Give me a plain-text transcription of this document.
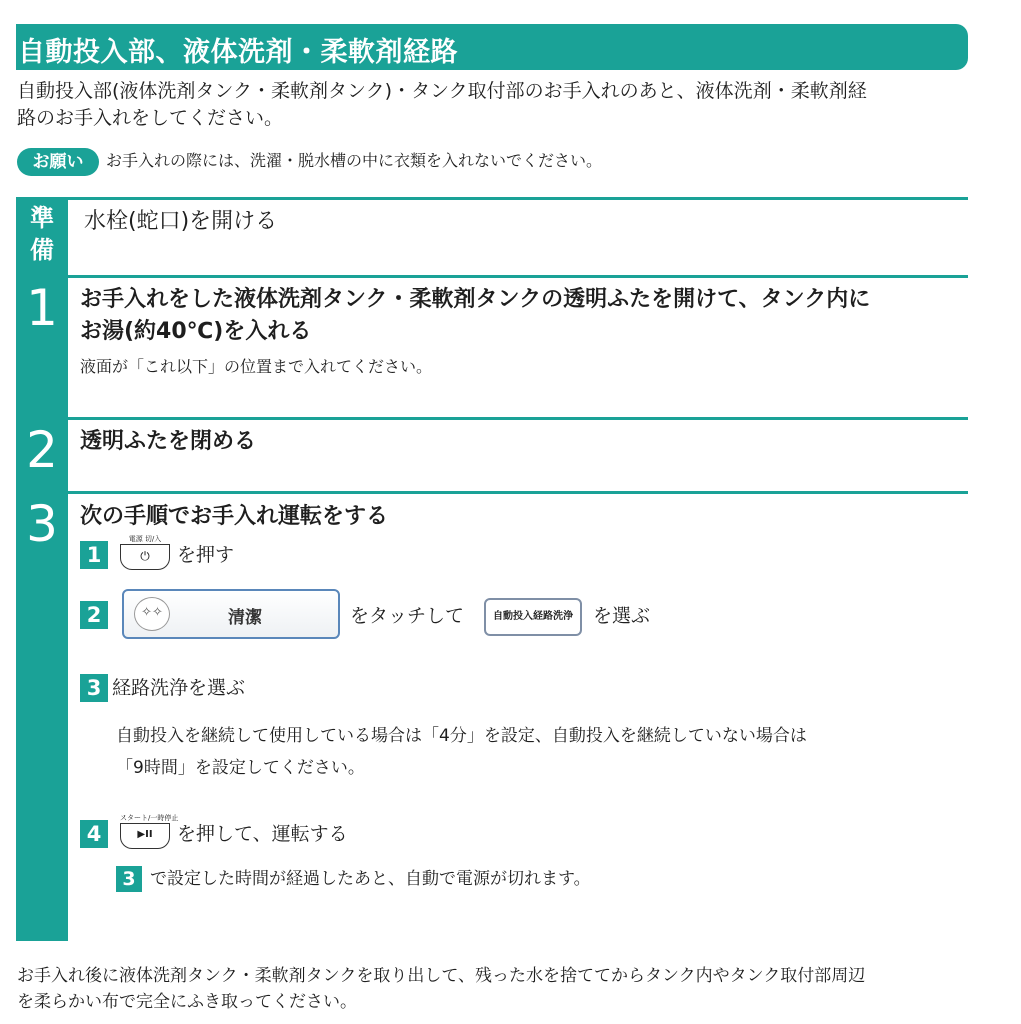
自動投入部、液体洗剤・柔軟剤経路
自動投入部(液体洗剤タンク・柔軟剤タンク)・タンク取付部のお手入れのあと、液体洗剤・柔軟剤経
路のお手入れをしてください。
お願い	お手入れの際には、洗濯・脱水槽の中に衣類を入れないでください。
準
備
水栓(蛇口)を開ける
1	お手入れをした液体洗剤タンク・柔軟剤タンクの透明ふたを開けて、タンク内に
お湯(約40℃)を入れる
液面が「これ以下」の位置まで入れてください。
2	透明ふたを閉める
3	次の手順でお手入れ運転をする
1
電源 切/入
⏻	を押す
2	✧✧	清潔	をタッチして	自動投入経路洗浄	を選ぶ
3 経路洗浄を選ぶ
自動投入を継続して使用している場合は「4分」を設定、自動投入を継続していない場合は
「9時間」を設定してください。
4
スタート/一時停止
▶II	を押して、運転する
3 で設定した時間が経過したあと、自動で電源が切れます。
お手入れ後に液体洗剤タンク・柔軟剤タンクを取り出して、残った水を捨ててからタンク内やタンク取付部周辺
を柔らかい布で完全にふき取ってください。
